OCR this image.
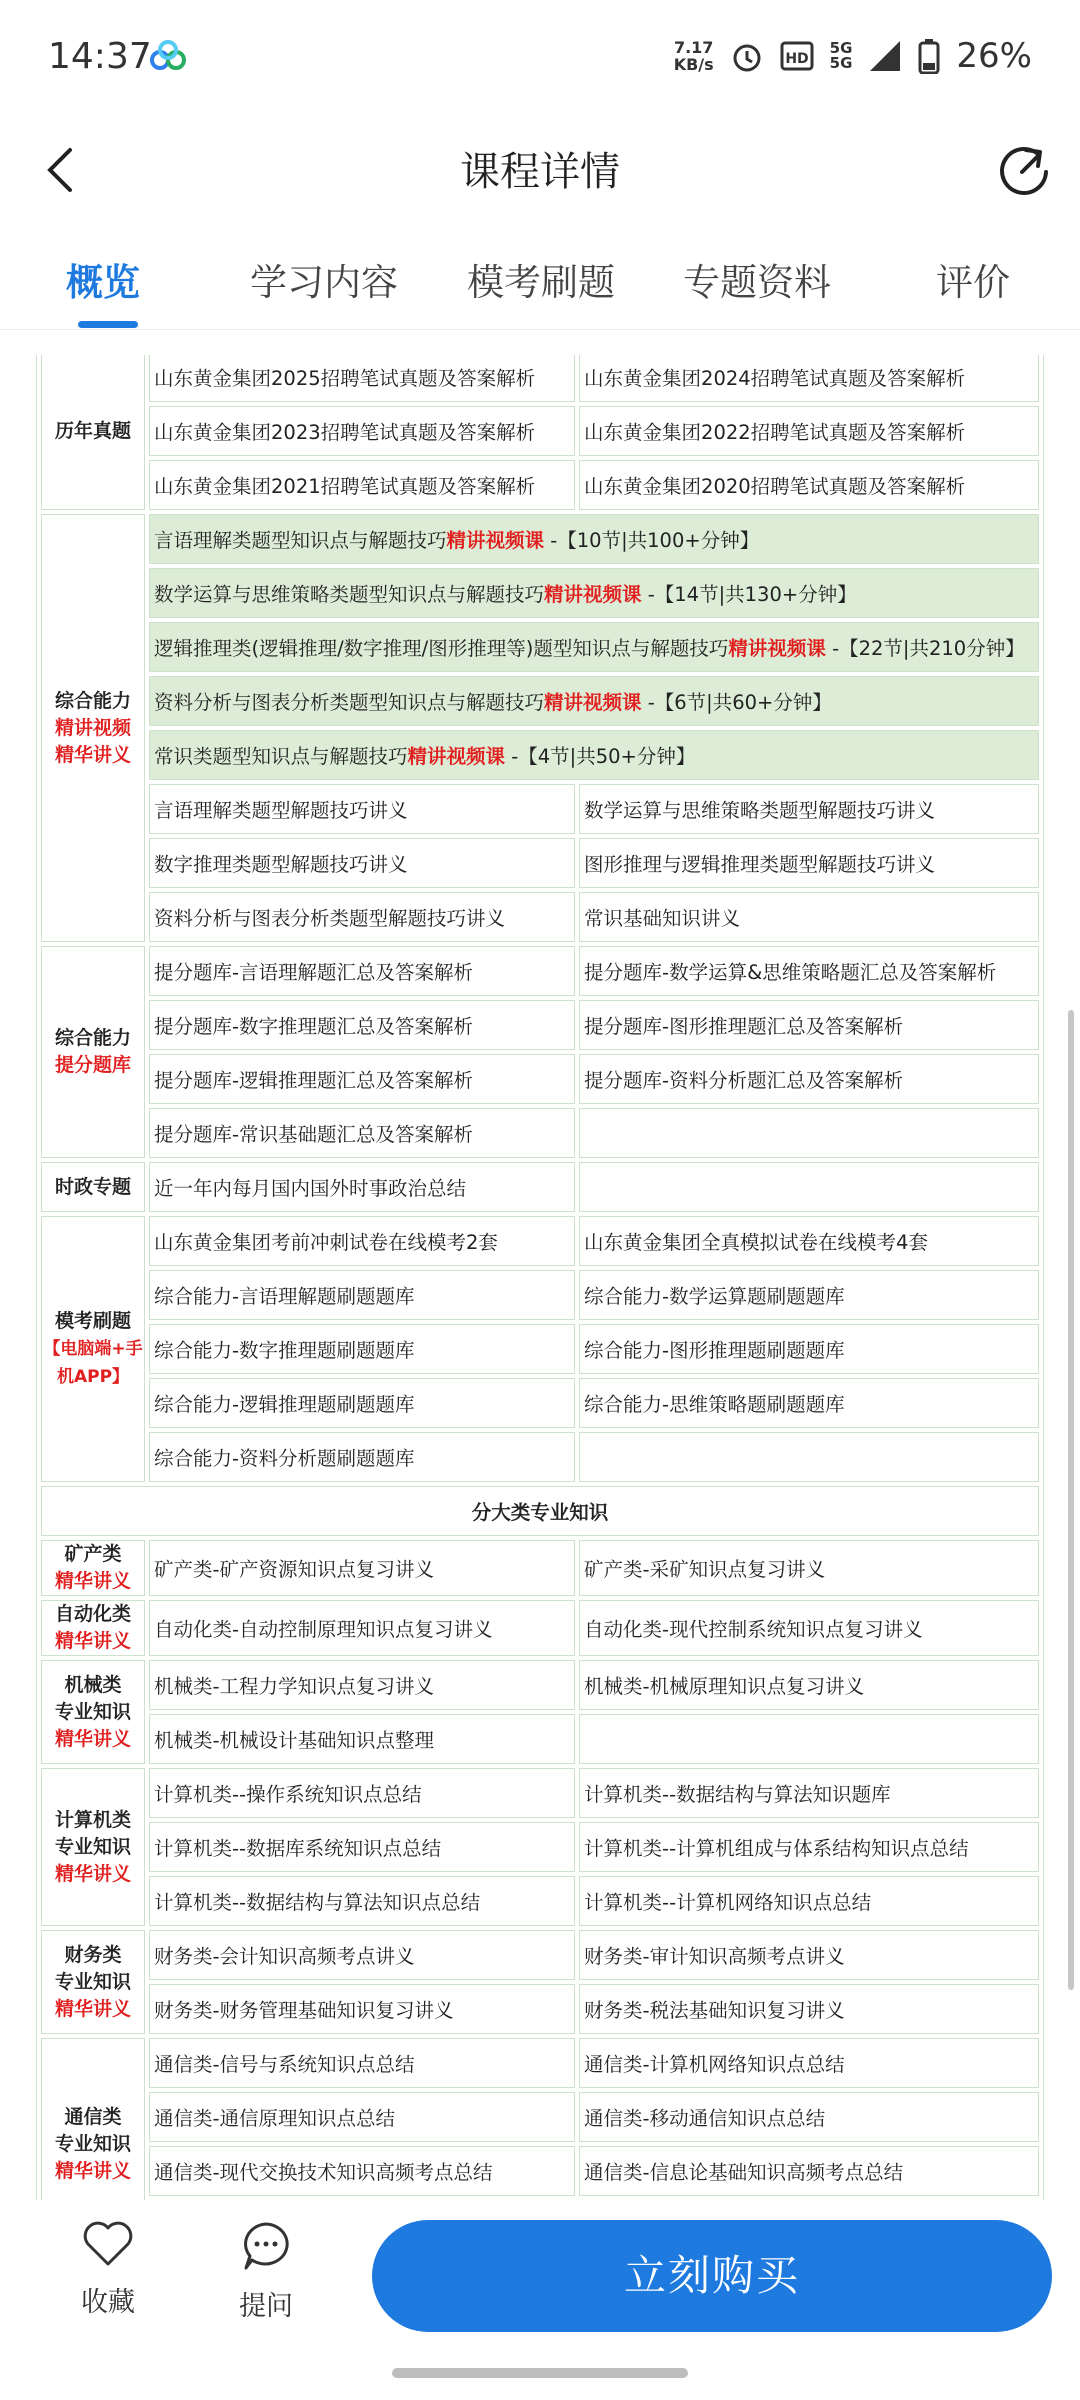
14:37	7.17
KB/s	HD
5G
5G	26%
课程详情
概览	学习内容 模考刷题 专题资料	评价
历年真题	山东黄金集团2025招聘笔试真题及答案解析	山东黄金集团2024招聘笔试真题及答案解析
	山东黄金集团2023招聘笔试真题及答案解析	山东黄金集团2022招聘笔试真题及答案解析
	山东黄金集团2021招聘笔试真题及答案解析	山东黄金集团2020招聘笔试真题及答案解析
综合能力
精讲视频
精华讲义	言语理解类题型知识点与解题技巧精讲视频课 -【10节|共100+分钟】	
	数学运算与思维策略类题型知识点与解题技巧精讲视频课 -【14节|共130+分钟】	
	逻辑推理类(逻辑推理/数字推理/图形推理等)题型知识点与解题技巧精讲视频课 -【22节|共210分钟】	
	资料分析与图表分析类题型知识点与解题技巧精讲视频课 -【6节|共60+分钟】	
	常识类题型知识点与解题技巧精讲视频课 -【4节|共50+分钟】	
	言语理解类题型解题技巧讲义	数学运算与思维策略类题型解题技巧讲义
	数字推理类题型解题技巧讲义	图形推理与逻辑推理类题型解题技巧讲义
	资料分析与图表分析类题型解题技巧讲义	常识基础知识讲义
综合能力
提分题库	提分题库-言语理解题汇总及答案解析	提分题库-数学运算&思维策略题汇总及答案解析
	提分题库-数字推理题汇总及答案解析	提分题库-图形推理题汇总及答案解析
	提分题库-逻辑推理题汇总及答案解析	提分题库-资料分析题汇总及答案解析
	提分题库-常识基础题汇总及答案解析	
时政专题	近一年内每月国内国外时事政治总结	
模考刷题
【电脑端+手机APP】	山东黄金集团考前冲刺试卷在线模考2套	山东黄金集团全真模拟试卷在线模考4套
	综合能力-言语理解题刷题题库	综合能力-数学运算题刷题题库
	综合能力-数字推理题刷题题库	综合能力-图形推理题刷题题库
	综合能力-逻辑推理题刷题题库	综合能力-思维策略题刷题题库
	综合能力-资料分析题刷题题库	
分大类专业知识		
矿产类
精华讲义	矿产类-矿产资源知识点复习讲义	矿产类-采矿知识点复习讲义
自动化类
精华讲义	自动化类-自动控制原理知识点复习讲义	自动化类-现代控制系统知识点复习讲义
机械类
专业知识
精华讲义	机械类-工程力学知识点复习讲义	机械类-机械原理知识点复习讲义
	机械类-机械设计基础知识点整理	
计算机类
专业知识
精华讲义	计算机类--操作系统知识点总结	计算机类--数据结构与算法知识题库
	计算机类--数据库系统知识点总结	计算机类--计算机组成与体系结构知识点总结
	计算机类--数据结构与算法知识点总结	计算机类--计算机网络知识点总结
财务类
专业知识
精华讲义	财务类-会计知识高频考点讲义	财务类-审计知识高频考点讲义
	财务类-财务管理基础知识复习讲义	财务类-税法基础知识复习讲义
通信类
专业知识
精华讲义	通信类-信号与系统知识点总结	通信类-计算机网络知识点总结
	通信类-通信原理知识点总结	通信类-移动通信知识点总结
	通信类-现代交换技术知识高频考点总结	通信类-信息论基础知识高频考点总结

收藏	提问
立刻购买
